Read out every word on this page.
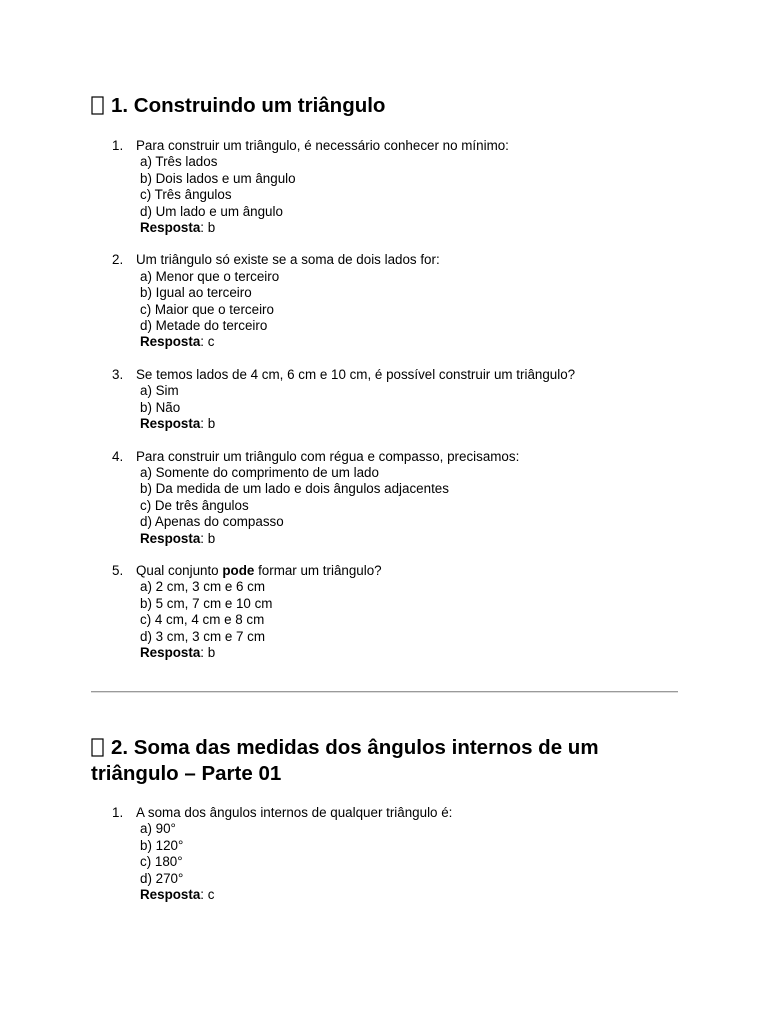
1. Construindo um triângulo
1. Para construir um triângulo, é necessário conhecer no mínimo:
a) Três lados
b) Dois lados e um ângulo
c) Três ângulos
d) Um lado e um ângulo
Resposta: b
2. Um triângulo só existe se a soma de dois lados for:
a) Menor que o terceiro
b) Igual ao terceiro
c) Maior que o terceiro
d) Metade do terceiro
Resposta: c
3. Se temos lados de 4 cm, 6 cm e 10 cm, é possível construir um triângulo?
a) Sim
b) Não
Resposta: b
4. Para construir um triângulo com régua e compasso, precisamos:
a) Somente do comprimento de um lado
b) Da medida de um lado e dois ângulos adjacentes
c) De três ângulos
d) Apenas do compasso
Resposta: b
5. Qual conjunto pode formar um triângulo?
a) 2 cm, 3 cm e 6 cm
b) 5 cm, 7 cm e 10 cm
c) 4 cm, 4 cm e 8 cm
d) 3 cm, 3 cm e 7 cm
Resposta: b
2. Soma das medidas dos ângulos internos de um triângulo – Parte 01
1. A soma dos ângulos internos de qualquer triângulo é:
a) 90°
b) 120°
c) 180°
d) 270°
Resposta: c
